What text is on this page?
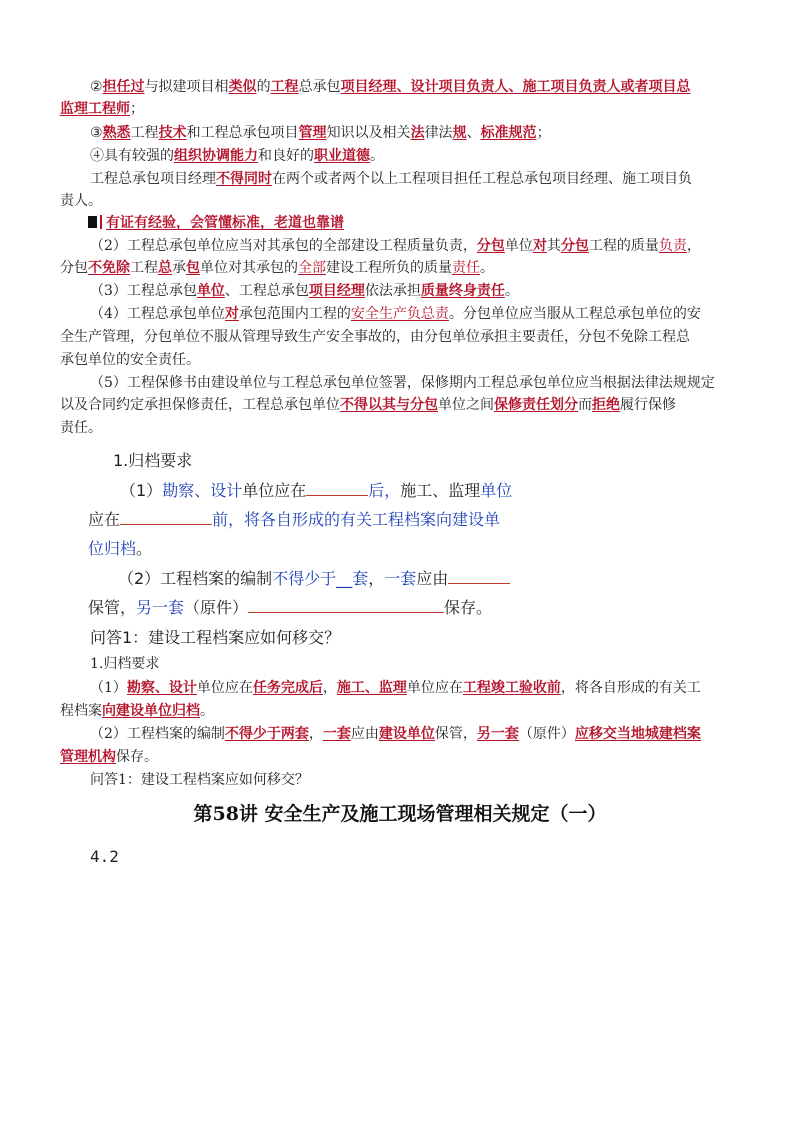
②担任过与拟建项目相类似的工程总承包项目经理、设计项目负责人、施工项目负责人或者项目总
监理工程师；
③熟悉工程技术和工程总承包项目管理知识以及相关法律法规、标准规范；
④具有较强的组织协调能力和良好的职业道德。
工程总承包项目经理不得同时在两个或者两个以上工程项目担任工程总承包项目经理、施工项目负
责人。
有证有经验，会管懂标准，老道也靠谱
（2）工程总承包单位应当对其承包的全部建设工程质量负责，分包单位对其分包工程的质量负责，
分包不免除工程总承包单位对其承包的全部建设工程所负的质量责任。
（3）工程总承包单位、工程总承包项目经理依法承担质量终身责任。
（4）工程总承包单位对承包范围内工程的安全生产负总责。分包单位应当服从工程总承包单位的安
全生产管理，分包单位不服从管理导致生产安全事故的，由分包单位承担主要责任，分包不免除工程总
承包单位的安全责任。
（5）工程保修书由建设单位与工程总承包单位签署，保修期内工程总承包单位应当根据法律法规规定
以及合同约定承担保修责任，工程总承包单位不得以其与分包单位之间保修责任划分而拒绝履行保修
责任。
1.归档要求
（1）勘察、设计单位应在	后，施工、监理单位
应在	前，将各自形成的有关工程档案向建设单
位归档。
（2）工程档案的编制不得少于__套，一套应由
保管，另一套（原件）	保存。
问答1：建设工程档案应如何移交？
1.归档要求
（1）勘察、设计单位应在任务完成后，施工、监理单位应在工程竣工验收前，将各自形成的有关工
程档案向建设单位归档。
（2）工程档案的编制不得少于两套，一套应由建设单位保管，另一套（原件）应移交当地城建档案
管理机构保存。
问答1：建设工程档案应如何移交？
第58讲 安全生产及施工现场管理相关规定（一）
4.2
